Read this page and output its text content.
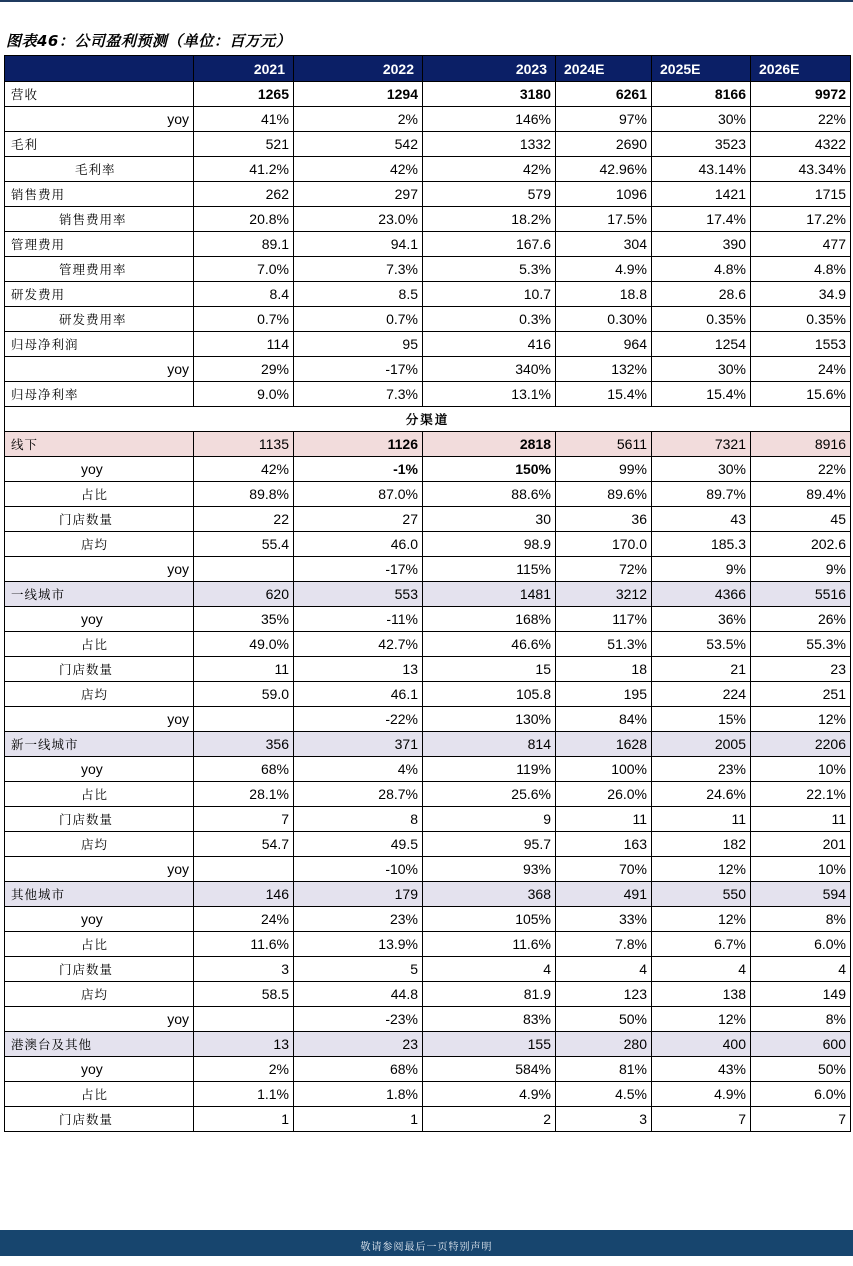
图表46：公司盈利预测（单位：百万元）
	2021	2022	2023	2024E	2025E	2026E
营收	1265	1294	3180	6261	8166	9972
yoy	41%	2%	146%	97%	30%	22%
毛利	521	542	1332	2690	3523	4322
毛利率	41.2%	42%	42%	42.96%	43.14%	43.34%
销售费用	262	297	579	1096	1421	1715
销售费用率	20.8%	23.0%	18.2%	17.5%	17.4%	17.2%
管理费用	89.1	94.1	167.6	304	390	477
管理费用率	7.0%	7.3%	5.3%	4.9%	4.8%	4.8%
研发费用	8.4	8.5	10.7	18.8	28.6	34.9
研发费用率	0.7%	0.7%	0.3%	0.30%	0.35%	0.35%
归母净利润	114	95	416	964	1254	1553
yoy	29%	-17%	340%	132%	30%	24%
归母净利率	9.0%	7.3%	13.1%	15.4%	15.4%	15.6%
分渠道						
线下	1135	1126	2818	5611	7321	8916
yoy	42%	-1%	150%	99%	30%	22%
占比	89.8%	87.0%	88.6%	89.6%	89.7%	89.4%
门店数量	22	27	30	36	43	45
店均	55.4	46.0	98.9	170.0	185.3	202.6
yoy		-17%	115%	72%	9%	9%
一线城市	620	553	1481	3212	4366	5516
yoy	35%	-11%	168%	117%	36%	26%
占比	49.0%	42.7%	46.6%	51.3%	53.5%	55.3%
门店数量	11	13	15	18	21	23
店均	59.0	46.1	105.8	195	224	251
yoy		-22%	130%	84%	15%	12%
新一线城市	356	371	814	1628	2005	2206
yoy	68%	4%	119%	100%	23%	10%
占比	28.1%	28.7%	25.6%	26.0%	24.6%	22.1%
门店数量	7	8	9	11	11	11
店均	54.7	49.5	95.7	163	182	201
yoy		-10%	93%	70%	12%	10%
其他城市	146	179	368	491	550	594
yoy	24%	23%	105%	33%	12%	8%
占比	11.6%	13.9%	11.6%	7.8%	6.7%	6.0%
门店数量	3	5	4	4	4	4
店均	58.5	44.8	81.9	123	138	149
yoy		-23%	83%	50%	12%	8%
港澳台及其他	13	23	155	280	400	600
yoy	2%	68%	584%	81%	43%	50%
占比	1.1%	1.8%	4.9%	4.5%	4.9%	6.0%
门店数量	1	1	2	3	7	7
敬请参阅最后一页特别声明
